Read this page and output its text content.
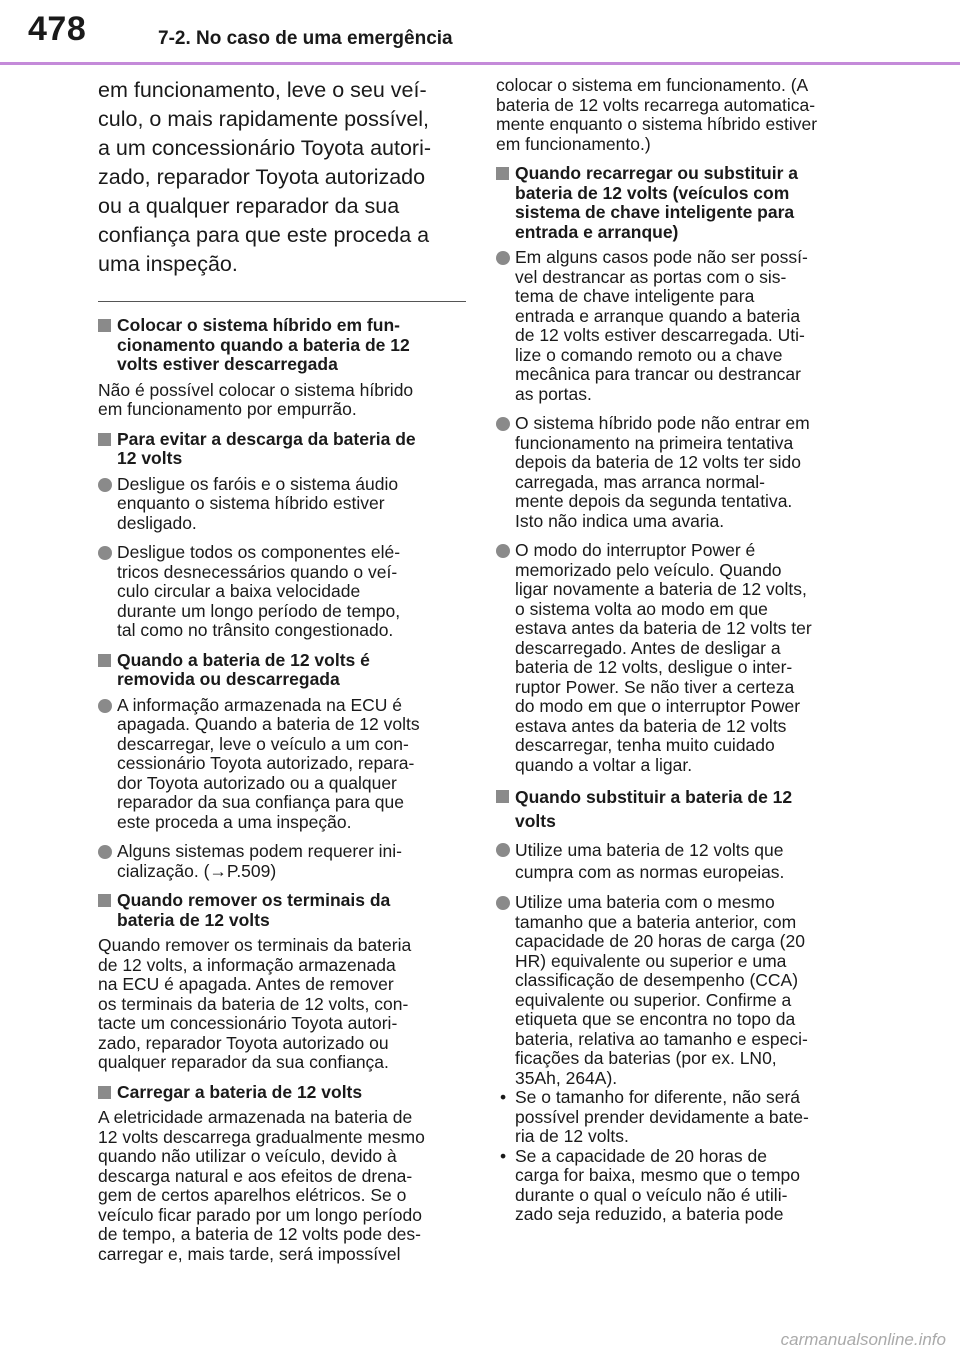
478	7-2. No caso de uma emergência
em funcionamento, leve o seu veí-
culo, o mais rapidamente possível,
a um concessionário Toyota autori-
zado, reparador Toyota autorizado
ou a qualquer reparador da sua
confiança para que este proceda a
uma inspeção.
Colocar o sistema híbrido em fun-
cionamento quando a bateria de 12
volts estiver descarregada
Não é possível colocar o sistema híbrido
em funcionamento por empurrão.
Para evitar a descarga da bateria de
12 volts
Desligue os faróis e o sistema áudio
enquanto o sistema híbrido estiver
desligado.
Desligue todos os componentes elé-
tricos desnecessários quando o veí-
culo circular a baixa velocidade
durante um longo período de tempo,
tal como no trânsito congestionado.
Quando a bateria de 12 volts é
removida ou descarregada
A informação armazenada na ECU é
apagada. Quando a bateria de 12 volts
descarregar, leve o veículo a um con-
cessionário Toyota autorizado, repara-
dor Toyota autorizado ou a qualquer
reparador da sua confiança para que
este proceda a uma inspeção.
Alguns sistemas podem requerer ini-
cialização. (→P.509)
Quando remover os terminais da
bateria de 12 volts
Quando remover os terminais da bateria
de 12 volts, a informação armazenada
na ECU é apagada. Antes de remover
os terminais da bateria de 12 volts, con-
tacte um concessionário Toyota autori-
zado, reparador Toyota autorizado ou
qualquer reparador da sua confiança.
Carregar a bateria de 12 volts
A eletricidade armazenada na bateria de
12 volts descarrega gradualmente mesmo
quando não utilizar o veículo, devido à
descarga natural e aos efeitos de drena-
gem de certos aparelhos elétricos. Se o
veículo ficar parado por um longo período
de tempo, a bateria de 12 volts pode des-
carregar e, mais tarde, será impossível
colocar o sistema em funcionamento. (A
bateria de 12 volts recarrega automatica-
mente enquanto o sistema híbrido estiver
em funcionamento.)
Quando recarregar ou substituir a
bateria de 12 volts (veículos com
sistema de chave inteligente para
entrada e arranque)
Em alguns casos pode não ser possí-
vel destrancar as portas com o sis-
tema de chave inteligente para
entrada e arranque quando a bateria
de 12 volts estiver descarregada. Uti-
lize o comando remoto ou a chave
mecânica para trancar ou destrancar
as portas.
O sistema híbrido pode não entrar em
funcionamento na primeira tentativa
depois da bateria de 12 volts ter sido
carregada, mas arranca normal-
mente depois da segunda tentativa.
Isto não indica uma avaria.
O modo do interruptor Power é
memorizado pelo veículo. Quando
ligar novamente a bateria de 12 volts,
o sistema volta ao modo em que
estava antes da bateria de 12 volts ter
descarregado. Antes de desligar a
bateria de 12 volts, desligue o inter-
ruptor Power. Se não tiver a certeza
do modo em que o interruptor Power
estava antes da bateria de 12 volts
descarregar, tenha muito cuidado
quando a voltar a ligar.
Quando substituir a bateria de 12
volts
Utilize uma bateria de 12 volts que
cumpra com as normas europeias.
Utilize uma bateria com o mesmo
tamanho que a bateria anterior, com
capacidade de 20 horas de carga (20
HR) equivalente ou superior e uma
classificação de desempenho (CCA)
equivalente ou superior. Confirme a
etiqueta que se encontra no topo da
bateria, relativa ao tamanho e especi-
ficações da baterias (por ex. LN0,
35Ah, 264A).
• Se o tamanho for diferente, não será
possível prender devidamente a bate-
ria de 12 volts.
• Se a capacidade de 20 horas de
carga for baixa, mesmo que o tempo
durante o qual o veículo não é utili-
zado seja reduzido, a bateria pode
carmanualsonline.info
